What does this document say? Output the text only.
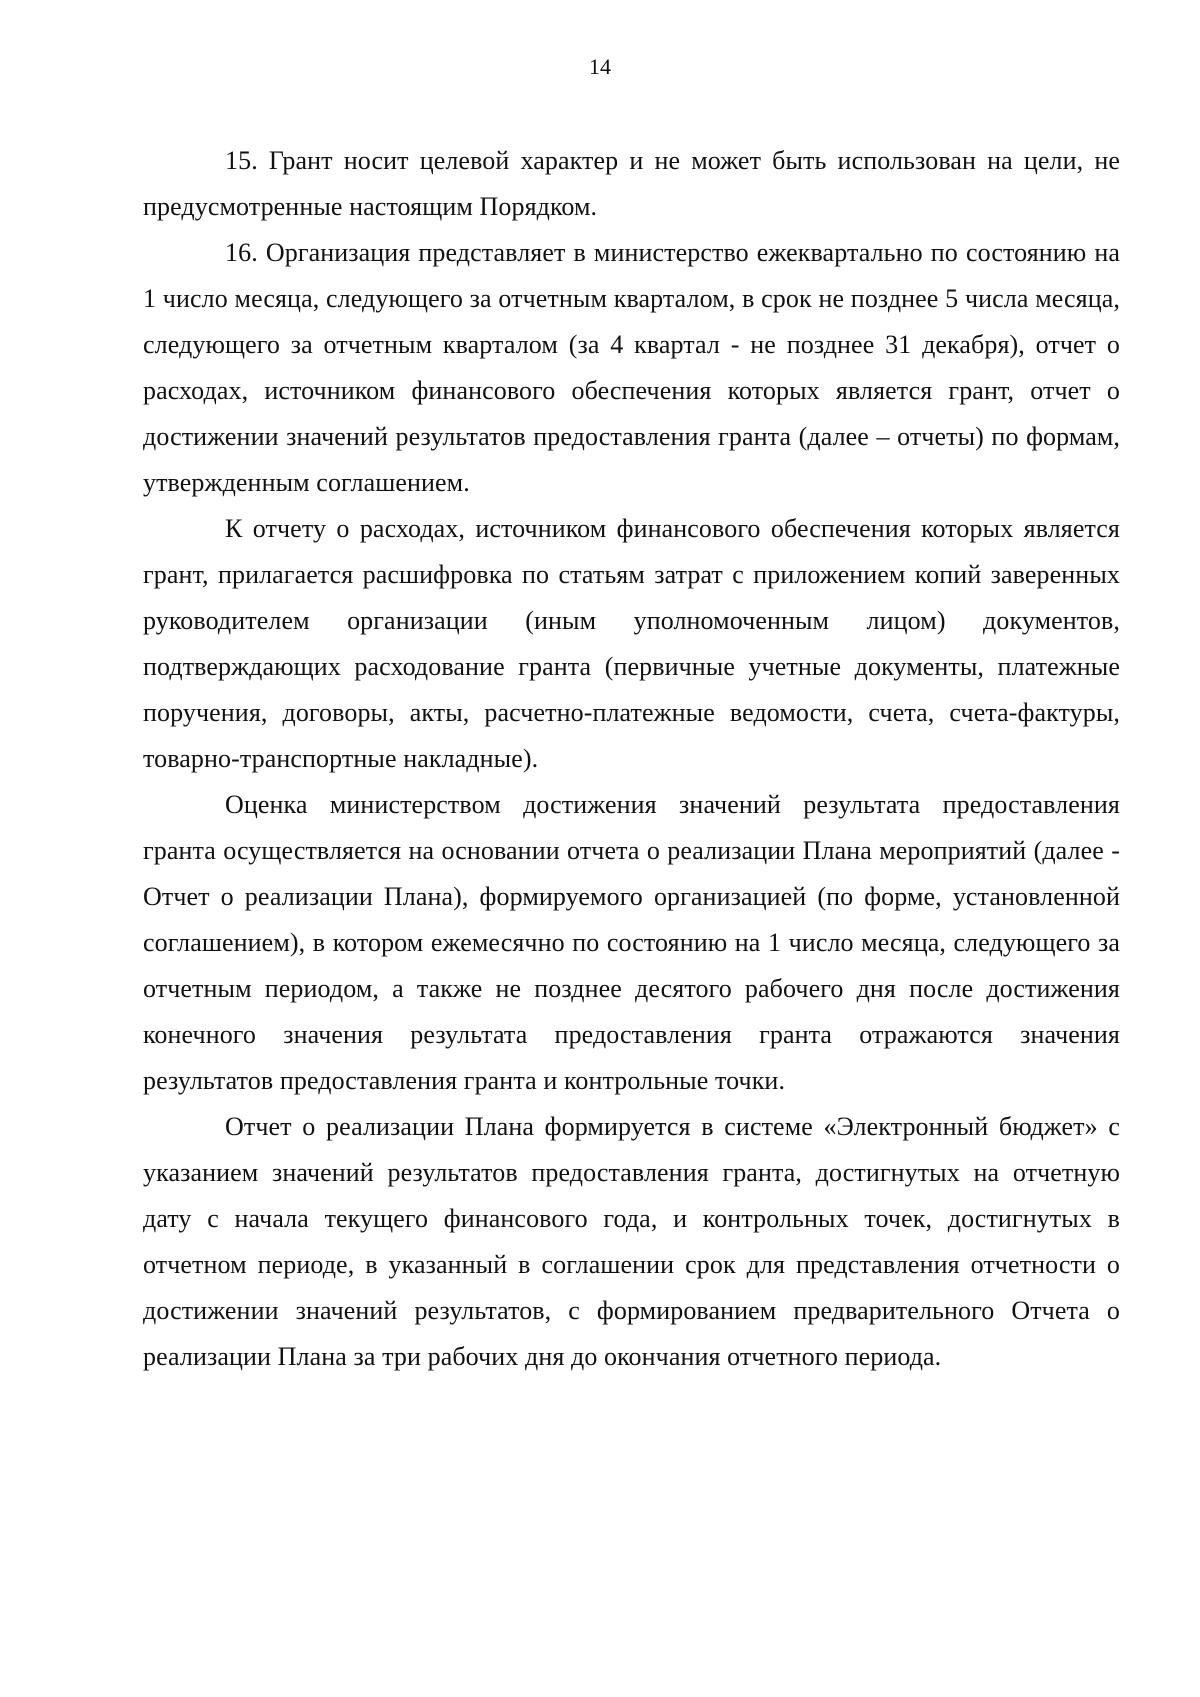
14

15. Грант носит целевой характер и не может быть использован на цели, не предусмотренные настоящим Порядком.

16. Организация представляет в министерство ежеквартально по состоянию на 1 число месяца, следующего за отчетным кварталом, в срок не позднее 5 числа месяца, следующего за отчетным кварталом (за 4 квартал - не позднее 31 декабря), отчет о расходах, источником финансового обеспечения которых является грант, отчет о достижении значений результатов предоставления гранта (далее – отчеты) по формам, утвержденным соглашением.

К отчету о расходах, источником финансового обеспечения которых является грант, прилагается расшифровка по статьям затрат с приложением копий заверенных руководителем организации (иным уполномоченным лицом) документов, подтверждающих расходование гранта (первичные учетные документы, платежные поручения, договоры, акты, расчетно-платежные ведомости, счета, счета-фактуры, товарно-транспортные накладные).

Оценка министерством достижения значений результата предоставления гранта осуществляется на основании отчета о реализации Плана мероприятий (далее - Отчет о реализации Плана), формируемого организацией (по форме, установленной соглашением), в котором ежемесячно по состоянию на 1 число месяца, следующего за отчетным периодом, а также не позднее десятого рабочего дня после достижения конечного значения результата предоставления гранта отражаются значения результатов предоставления гранта и контрольные точки.

Отчет о реализации Плана формируется в системе «Электронный бюджет» с указанием значений результатов предоставления гранта, достигнутых на отчетную дату с начала текущего финансового года, и контрольных точек, достигнутых в отчетном периоде, в указанный в соглашении срок для представления отчетности о достижении значений результатов, с формированием предварительного Отчета о реализации Плана за три рабочих дня до окончания отчетного периода.
